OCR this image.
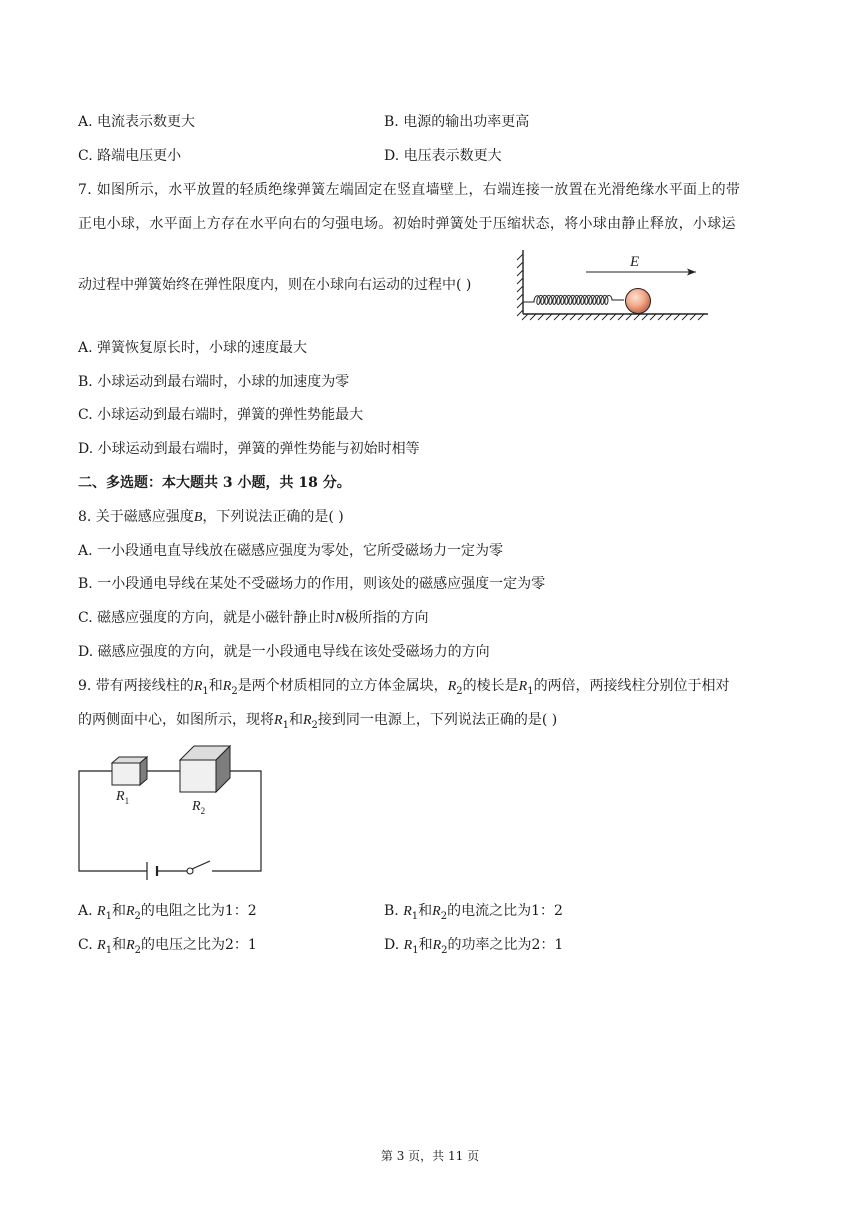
A. 电流表示数更大	B. 电源的输出功率更高
C. 路端电压更小	D. 电压表示数更大
7. 如图所示，水平放置的轻质绝缘弹簧左端固定在竖直墙壁上，右端连接一放置在光滑绝缘水平面上的带
正电小球，水平面上方存在水平向右的匀强电场。初始时弹簧处于压缩状态，将小球由静止释放，小球运
动过程中弹簧始终在弹性限度内，则在小球向右运动的过程中( )
E
A. 弹簧恢复原长时，小球的速度最大
B. 小球运动到最右端时，小球的加速度为零
C. 小球运动到最右端时，弹簧的弹性势能最大
D. 小球运动到最右端时，弹簧的弹性势能与初始时相等
二、多选题：本大题共 3 小题，共 18 分。
8. 关于磁感应强度B，下列说法正确的是( )
A. 一小段通电直导线放在磁感应强度为零处，它所受磁场力一定为零
B. 一小段通电导线在某处不受磁场力的作用，则该处的磁感应强度一定为零
C. 磁感应强度的方向，就是小磁针静止时N极所指的方向
D. 磁感应强度的方向，就是一小段通电导线在该处受磁场力的方向
9. 带有两接线柱的$R_1$和$R_2$是两个材质相同的立方体金属块，$R_2$的棱长是$R_1$的两倍，两接线柱分别位于相对
的两侧面中心，如图所示，现将$R_1$和$R_2$接到同一电源上，下列说法正确的是( )
$R_1$	$R_2$
A. $R_1$和$R_2$的电阻之比为1：2	B. $R_1$和$R_2$的电流之比为1：2
C. $R_1$和$R_2$的电压之比为2：1	D. $R_1$和$R_2$的功率之比为2：1
第 3 页，共 11 页
